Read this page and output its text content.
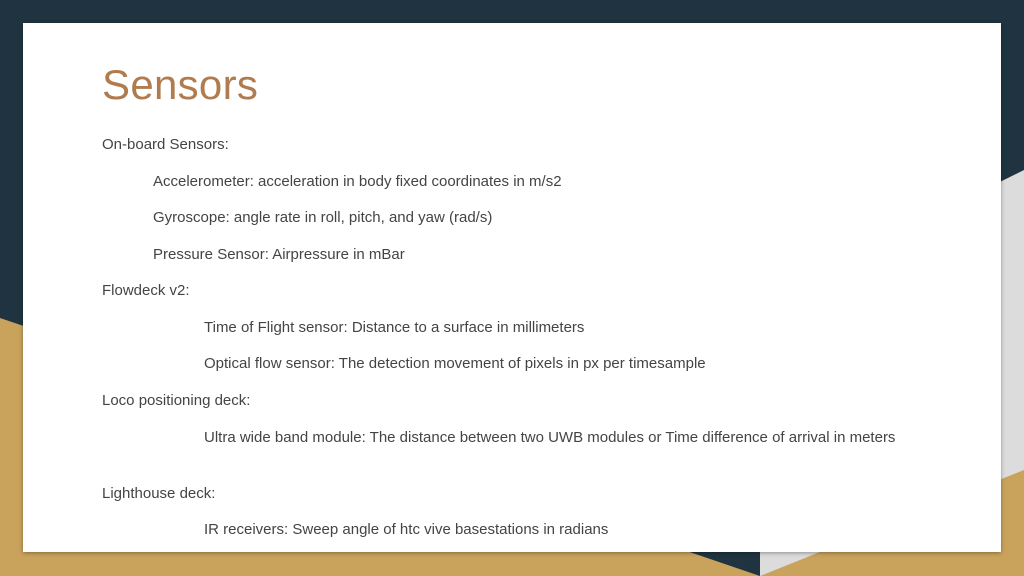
Sensors

On-board Sensors:

Accelerometer: acceleration in body fixed coordinates in m/s2

Gyroscope: angle rate in roll, pitch, and yaw (rad/s)

Pressure Sensor: Airpressure in mBar

Flowdeck v2:

Time of Flight sensor: Distance to a surface in millimeters

Optical flow sensor: The detection movement of pixels in px per timesample

Loco positioning deck:

Ultra wide band module: The distance between two UWB modules or Time difference of arrival in meters

Lighthouse deck:

IR receivers: Sweep angle of htc vive basestations in radians
